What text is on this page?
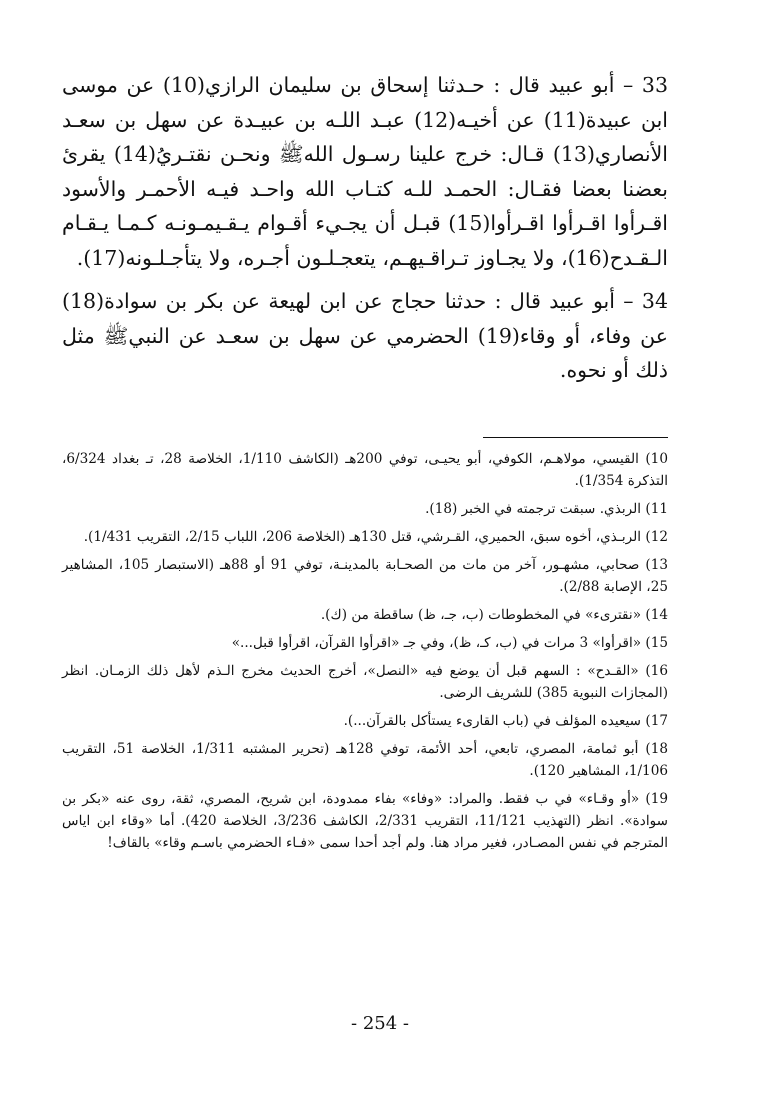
33 – أبو عبيد قال : حـدثنا إسحاق بن سليمان الرازي(10) عن موسى ابن عبيدة(11) عن أخيـه(12) عبـد اللـه بن عبيـدة عن سهل بن سعـد الأنصاري(13) قـال: خرج علينا رسـول اللهﷺ ونحـن نقتـريُ(14) يقرئ بعضنا بعضا فقـال: الحمـد للـه كتـاب الله واحـد فيـه الأحمـر والأسود اقـرأوا اقـرأوا اقـرأوا(15) قبـل أن يجـيء أقـوام يـقـيمـونـه كـمـا يـقـام الـقـدح(16)، ولا يجـاوز تـراقـيهـم، يتعجـلـون أجـره، ولا يتأجـلـونه(17).

34 – أبو عبيد قال : حدثنا حجاج عن ابن لهيعة عن بكر بن سوادة(18) عن وفاء، أو وقاء(19) الحضرمي عن سهل بن سعـد عن النبيﷺ مثل ذلك أو نحوه.

10) القيسي، مولاهـم، الكوفي، أبو يحيـى، توفي 200هـ (الكاشف 1/110، الخلاصة 28، تـ بغداد 6/324، التذكرة 1/354).

11) الربذي. سبقت ترجمته في الخبر (18).

12) الربـذي، أخوه سبق، الحميري، القـرشي، قتل 130هـ (الخلاصة 206، اللباب 2/15، التقريب 1/431).

13) صحابي، مشهـور، آخر من مات من الصحـابة بالمدينـة، توفي 91 أو 88هـ (الاستبصار 105، المشاهير 25، الإصابة 2/88).

14) «نقترىء» في المخطوطات (ب، جـ، ظ) ساقطة من (ك).

15) «اقرأوا» 3 مرات في (ب، كـ، ظ)، وفي جـ «اقرأوا القرآن، اقرأوا قبل...»

16) «القـدح» : السهم قبل أن يوضع فيه «النصل»، أخرج الحديث مخرج الـذم لأهل ذلك الزمـان. انظر (المجازات النبوية 385) للشريف الرضى.

17) سيعيده المؤلف في (باب القارىء يستأكل بالقرآن...).

18) أبو ثمامة، المصري، تابعي، أحد الأئمة، توفي 128هـ (تحرير المشتبه 1/311، الخلاصة 51، التقريب 1/106، المشاهير 120).

19) «أو وقـاء» في ب فقط. والمراد: «وفاء» بفاء ممدودة، ابن شريح، المصري، ثقة، روى عنه «بكر بن سوادة». انظر (التهذيب 11/121، التقريب 2/331، الكاشف 3/236، الخلاصة 420). أما «وقاء ابن اياس المترجم في نفس المصـادر، فغير مراد هنا. ولم أجد أحدا سمى «فـاء الحضرمي باسـم وقاء» بالقاف!

- 254 -
